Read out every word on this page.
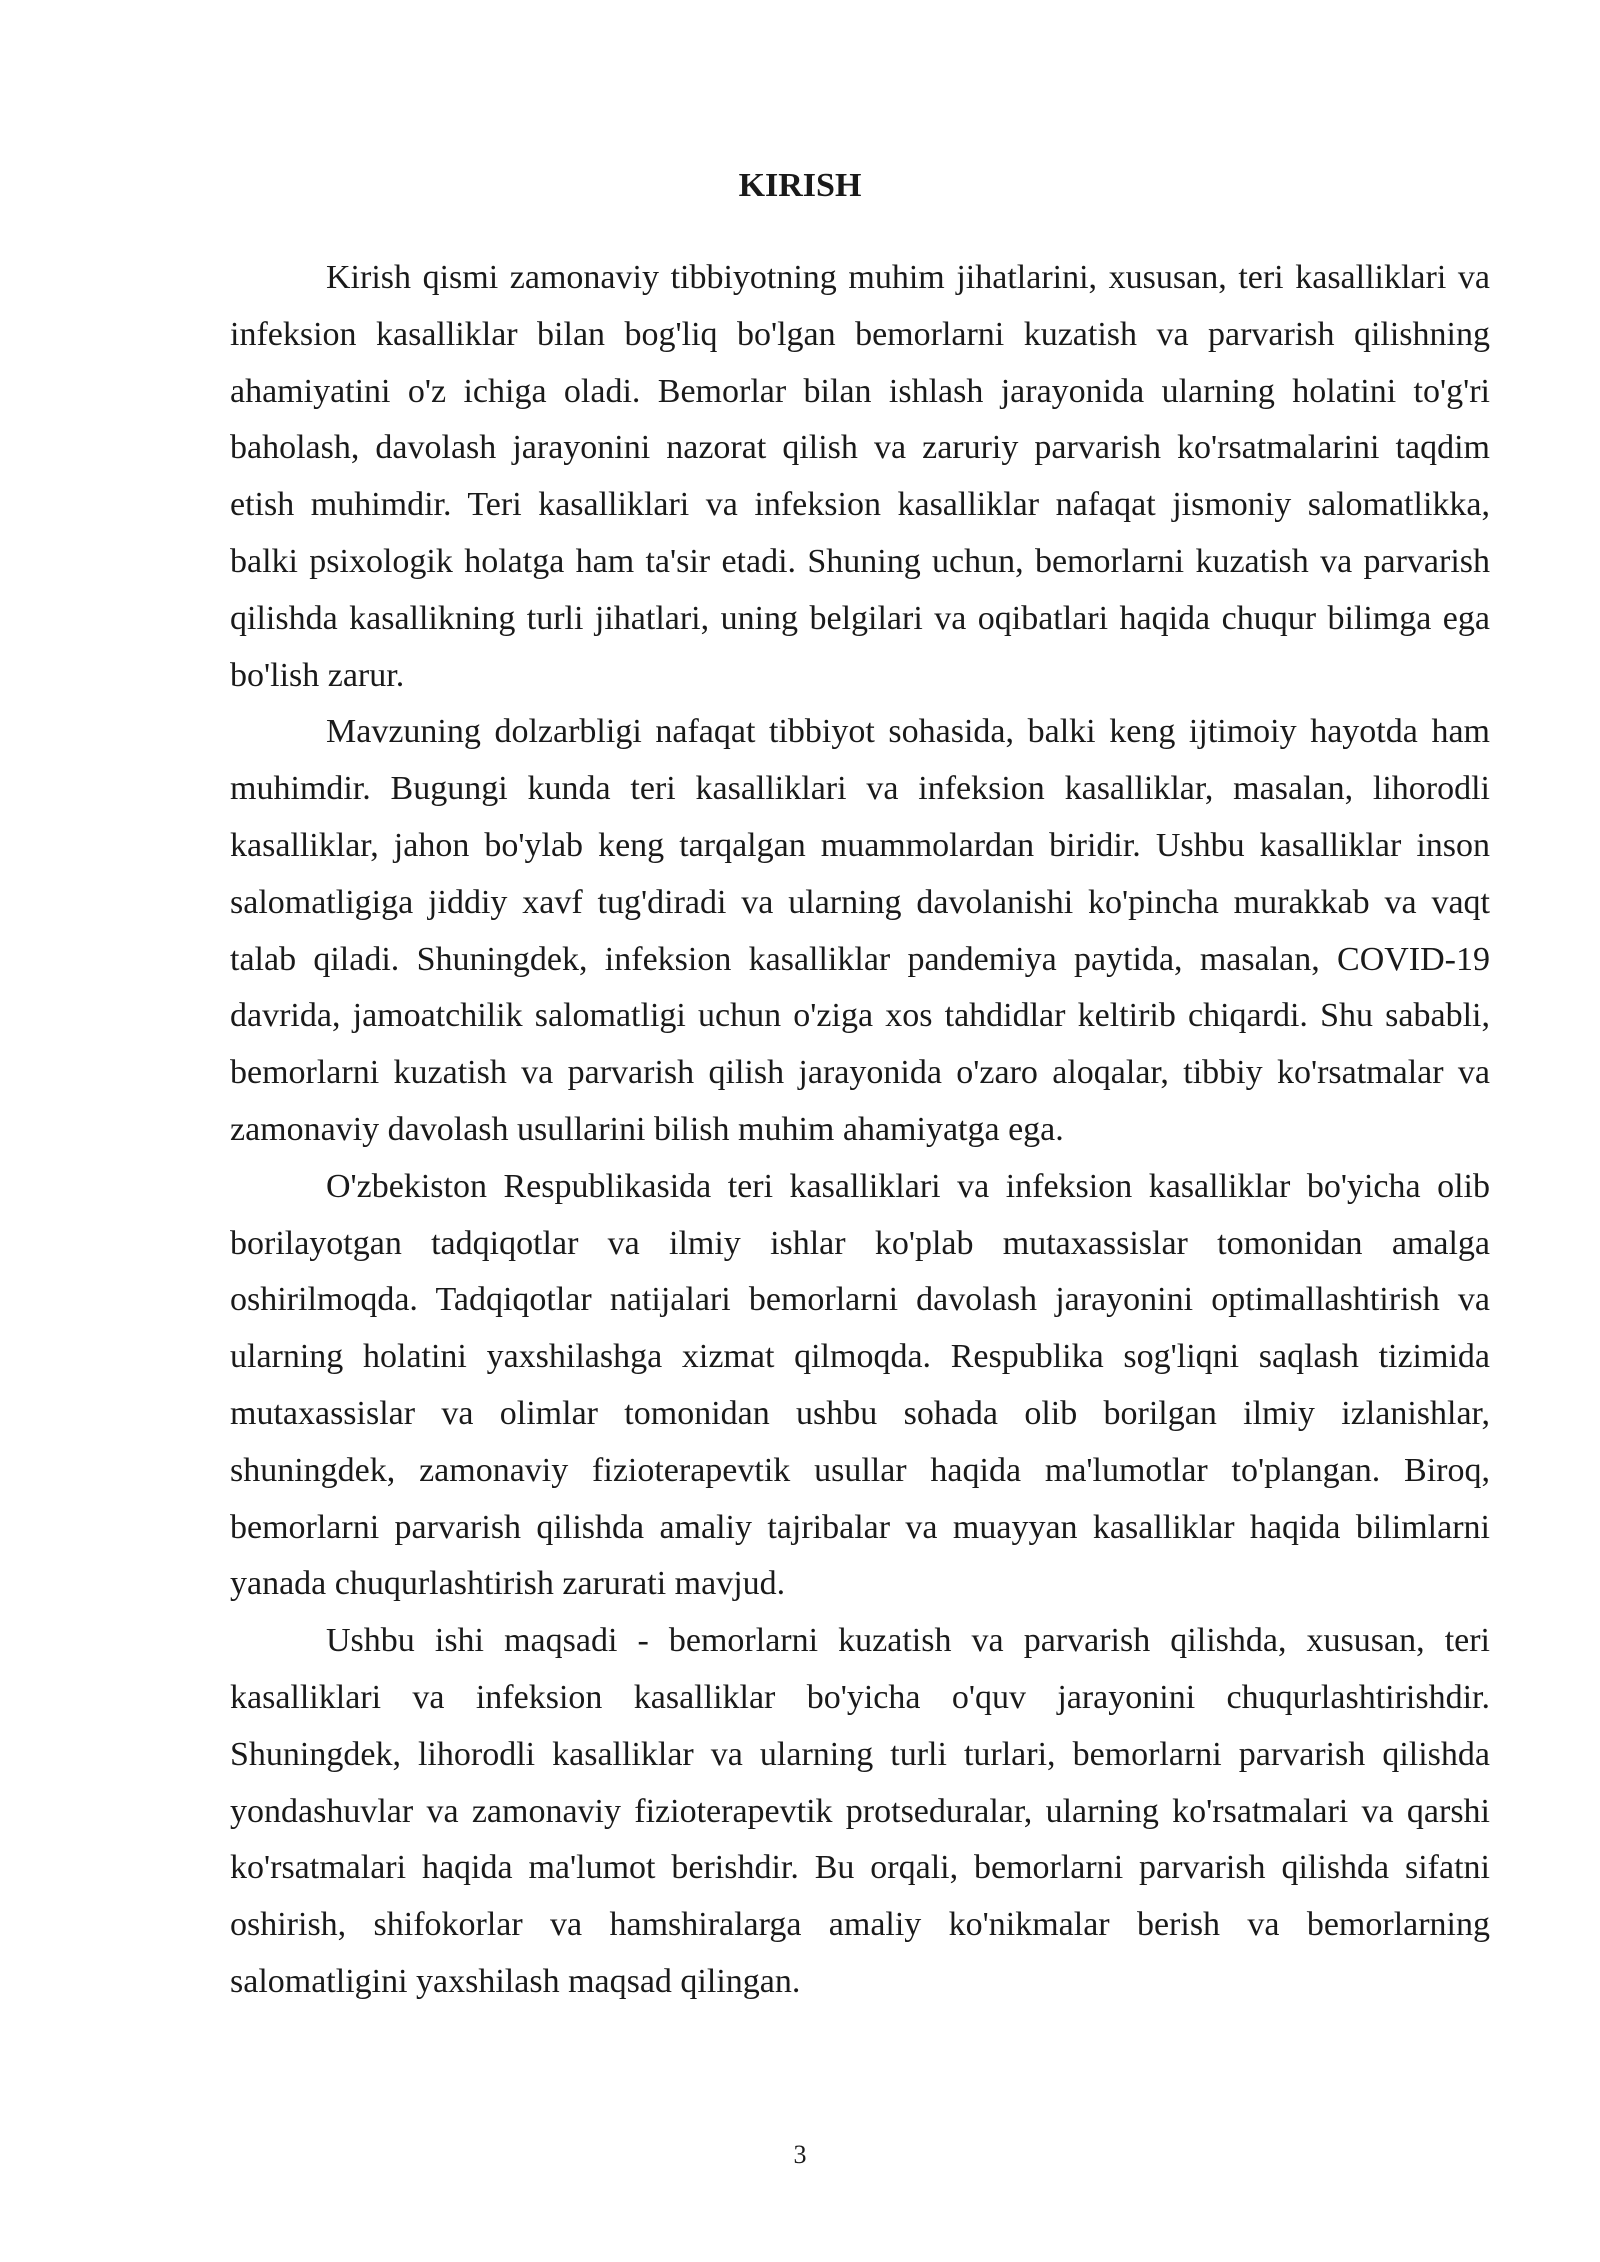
KIRISH

Kirish qismi zamonaviy tibbiyotning muhim jihatlarini, xususan, teri kasalliklari va infeksion kasalliklar bilan bog'liq bo'lgan bemorlarni kuzatish va parvarish qilishning ahamiyatini o'z ichiga oladi. Bemorlar bilan ishlash jarayonida ularning holatini to'g'ri baholash, davolash jarayonini nazorat qilish va zaruriy parvarish ko'rsatmalarini taqdim etish muhimdir. Teri kasalliklari va infeksion kasalliklar nafaqat jismoniy salomatlikka, balki psixologik holatga ham ta'sir etadi. Shuning uchun, bemorlarni kuzatish va parvarish qilishda kasallikning turli jihatlari, uning belgilari va oqibatlari haqida chuqur bilimga ega bo'lish zarur.

Mavzuning dolzarbligi nafaqat tibbiyot sohasida, balki keng ijtimoiy hayotda ham muhimdir. Bugungi kunda teri kasalliklari va infeksion kasalliklar, masalan, lihorodli kasalliklar, jahon bo'ylab keng tarqalgan muammolardan biridir. Ushbu kasalliklar inson salomatligiga jiddiy xavf tug'diradi va ularning davolanishi ko'pincha murakkab va vaqt talab qiladi. Shuningdek, infeksion kasalliklar pandemiya paytida, masalan, COVID-19 davrida, jamoatchilik salomatligi uchun o'ziga xos tahdidlar keltirib chiqardi. Shu sababli, bemorlarni kuzatish va parvarish qilish jarayonida o'zaro aloqalar, tibbiy ko'rsatmalar va zamonaviy davolash usullarini bilish muhim ahamiyatga ega.

O'zbekiston Respublikasida teri kasalliklari va infeksion kasalliklar bo'yicha olib borilayotgan tadqiqotlar va ilmiy ishlar ko'plab mutaxassislar tomonidan amalga oshirilmoqda. Tadqiqotlar natijalari bemorlarni davolash jarayonini optimallashtirish va ularning holatini yaxshilashga xizmat qilmoqda. Respublika sog'liqni saqlash tizimida mutaxassislar va olimlar tomonidan ushbu sohada olib borilgan ilmiy izlanishlar, shuningdek, zamonaviy fizioterapevtik usullar haqida ma'lumotlar to'plangan. Biroq, bemorlarni parvarish qilishda amaliy tajribalar va muayyan kasalliklar haqida bilimlarni yanada chuqurlashtirish zarurati mavjud.

Ushbu ishi maqsadi - bemorlarni kuzatish va parvarish qilishda, xususan, teri kasalliklari va infeksion kasalliklar bo'yicha o'quv jarayonini chuqurlashtirishdir. Shuningdek, lihorodli kasalliklar va ularning turli turlari, bemorlarni parvarish qilishda yondashuvlar va zamonaviy fizioterapevtik protseduralar, ularning ko'rsatmalari va qarshi ko'rsatmalari haqida ma'lumot berishdir. Bu orqali, bemorlarni parvarish qilishda sifatni oshirish, shifokorlar va hamshiralarga amaliy ko'nikmalar berish va bemorlarning salomatligini yaxshilash maqsad qilingan.

3
